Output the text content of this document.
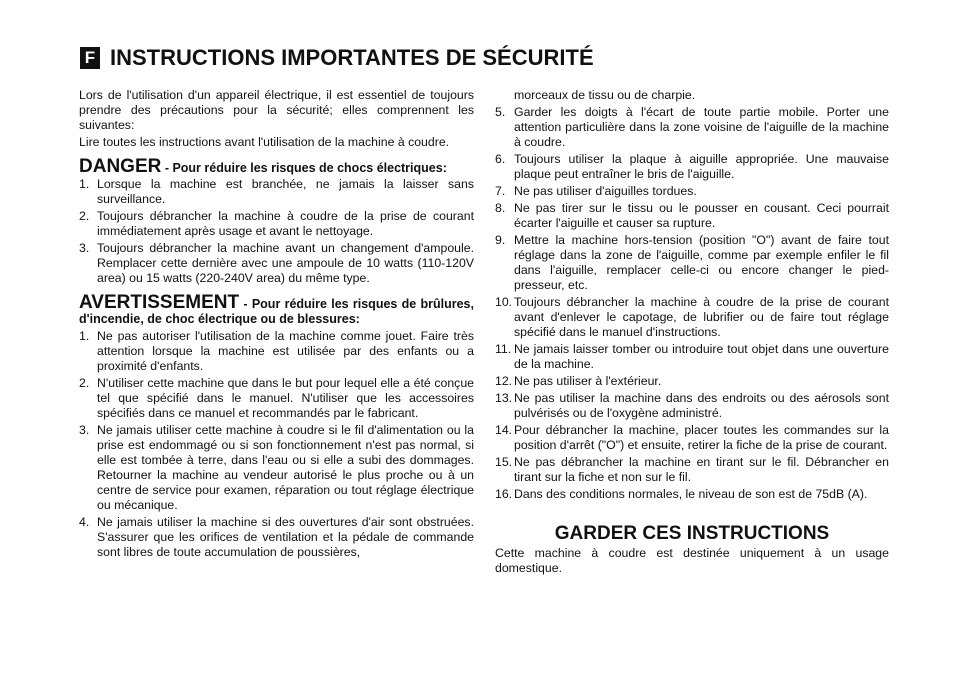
F INSTRUCTIONS IMPORTANTES DE SÉCURITÉ

Lors de l'utilisation d'un appareil électrique, il est essentiel de toujours prendre des précautions pour la sécurité; elles comprennent les suivantes:

Lire toutes les instructions avant l'utilisation de la machine à coudre.

DANGER - Pour réduire les risques de chocs électriques:
1. Lorsque la machine est branchée, ne jamais la laisser sans surveillance.
2. Toujours débrancher la machine à coudre de la prise de courant immédiatement après usage et avant le nettoyage.
3. Toujours débrancher la machine avant un changement d'ampoule. Remplacer cette dernière avec une ampoule de 10 watts (110-120V area) ou 15 watts (220-240V area) du même type.
AVERTISSEMENT - Pour réduire les risques de brûlures, d'incendie, de choc électrique ou de blessures:
1. Ne pas autoriser l'utilisation de la machine comme jouet. Faire très attention lorsque la machine est utilisée par des enfants ou a proximité d'enfants.
2. N'utiliser cette machine que dans le but pour lequel elle a été conçue tel que spécifié dans le manuel. N'utiliser que les accessoires spécifiés dans ce manuel et recommandés par le fabricant.
3. Ne jamais utiliser cette machine à coudre si le fil d'alimentation ou la prise est endommagé ou si son fonctionnement n'est pas normal, si elle est tombée à terre, dans l'eau ou si elle a subi des dommages. Retourner la machine au vendeur autorisé le plus proche ou à un centre de service pour examen, réparation ou tout réglage électrique ou mécanique.
4. Ne jamais utiliser la machine si des ouvertures d'air sont obstruées. S'assurer que les orifices de ventilation et la pédale de commande sont libres de toute accumulation de poussières,

morceaux de tissu ou de charpie.

5. Garder les doigts à l'écart de toute partie mobile. Porter une attention particulière dans la zone voisine de l'aiguille de la machine à coudre.
6. Toujours utiliser la plaque à aiguille appropriée. Une mauvaise plaque peut entraîner le bris de l'aiguille.
7. Ne pas utiliser d'aiguilles tordues.
8. Ne pas tirer sur le tissu ou le pousser en cousant. Ceci pourrait écarter l'aiguille et causer sa rupture.
9. Mettre la machine hors-tension (position "O") avant de faire tout réglage dans la zone de l'aiguille, comme par exemple enfiler le fil dans l'aiguille, remplacer celle-ci ou encore changer le pied-presseur, etc.
10. Toujours débrancher la machine à coudre de la prise de courant avant d'enlever le capotage, de lubrifier ou de faire tout réglage spécifié dans le manuel d'instructions.
11. Ne jamais laisser tomber ou introduire tout objet dans une ouverture de la machine.
12. Ne pas utiliser à l'extérieur.
13. Ne pas utiliser la machine dans des endroits ou des aérosols sont pulvérisés ou de l'oxygène administré.
14. Pour débrancher la machine, placer toutes les commandes sur la position d'arrêt ("O") et ensuite, retirer la fiche de la prise de courant.
15. Ne pas débrancher la machine en tirant sur le fil. Débrancher en tirant sur la fiche et non sur le fil.
16. Dans des conditions normales, le niveau de son est de 75dB (A).
GARDER CES INSTRUCTIONS

Cette machine à coudre est destinée uniquement à un usage domestique.
